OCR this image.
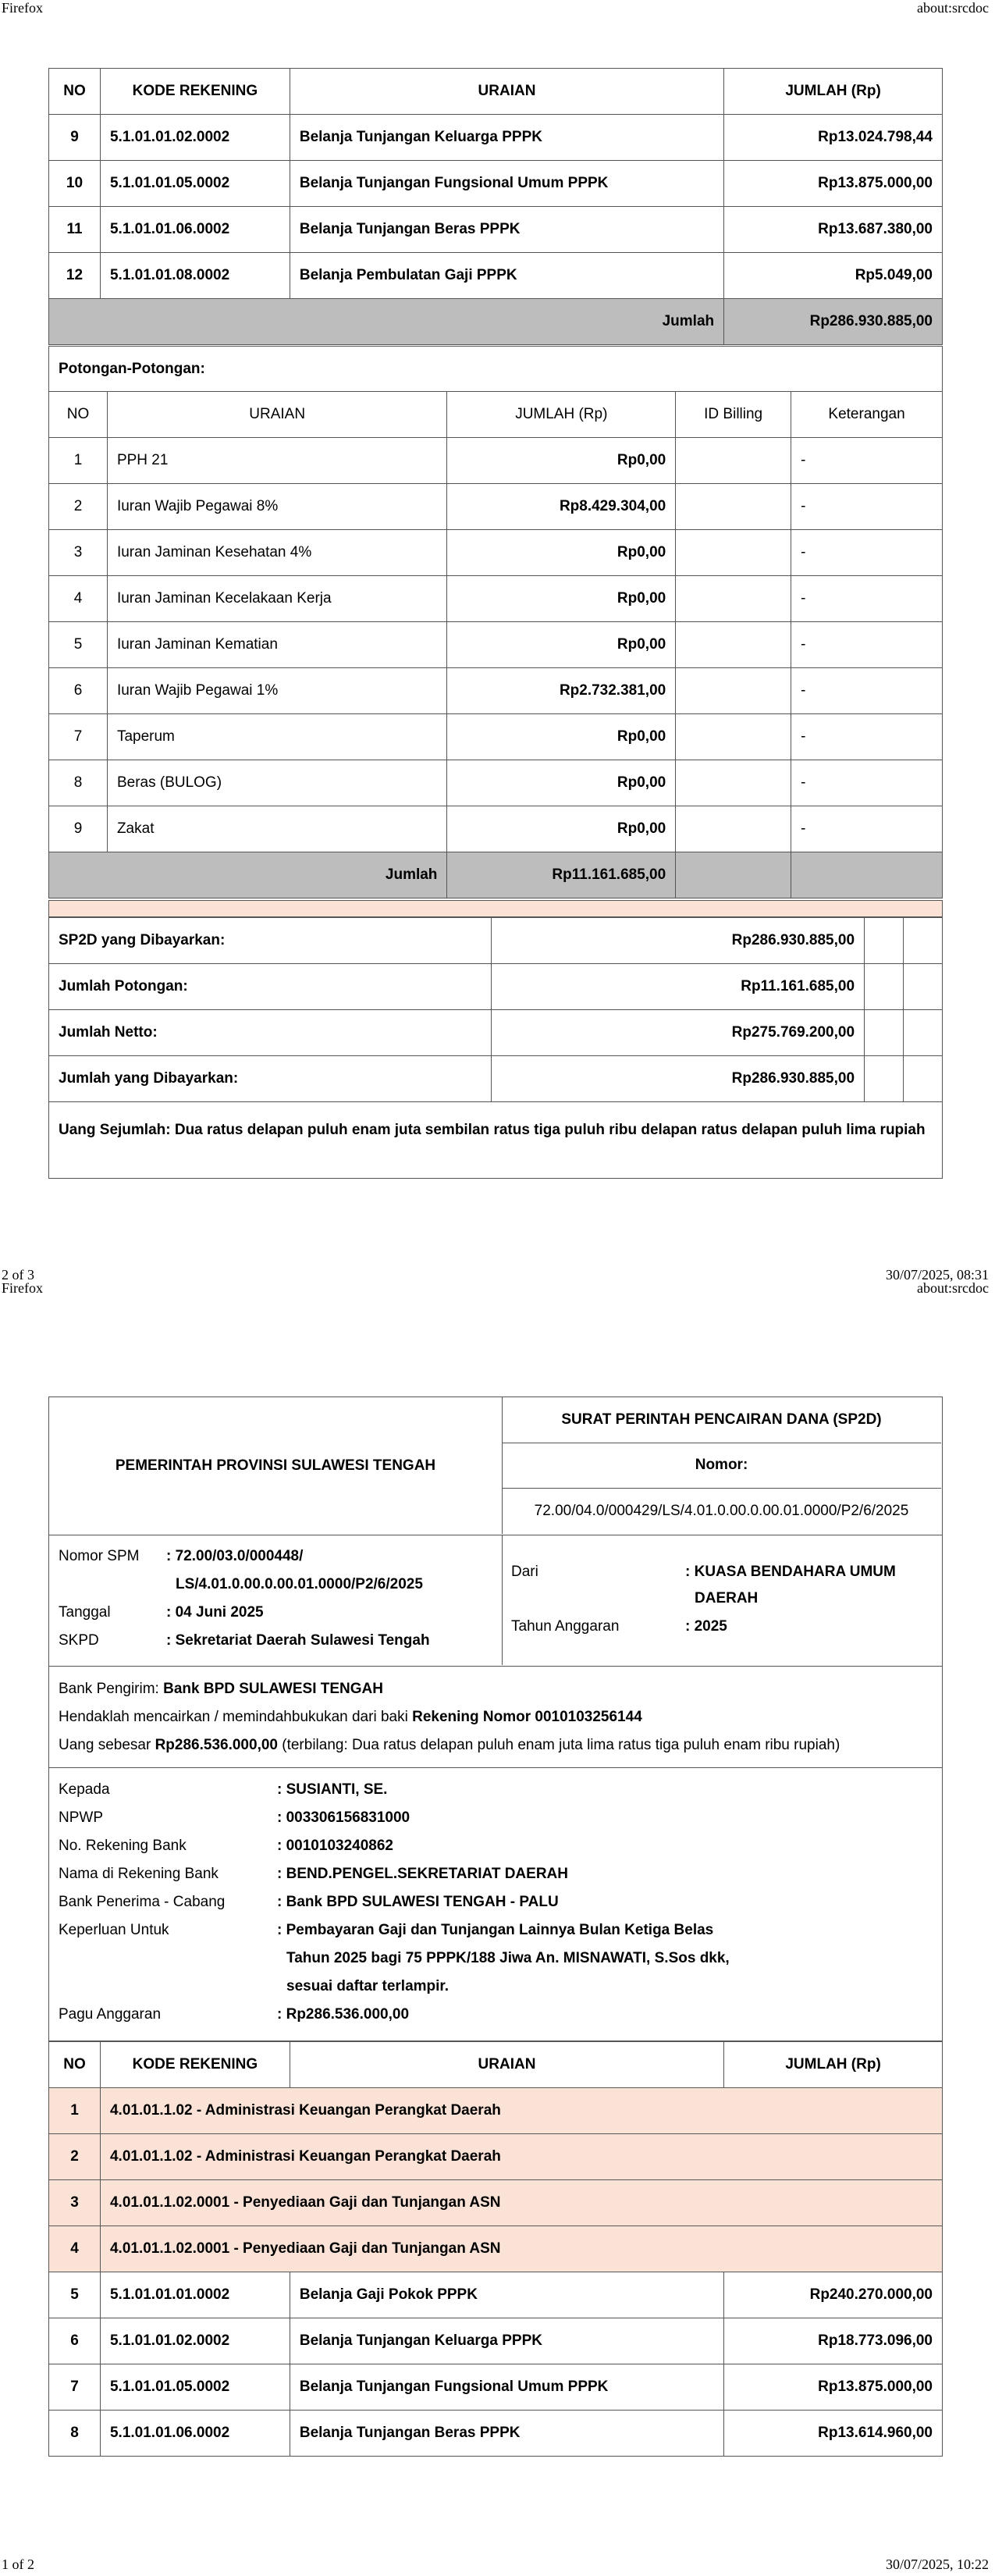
Firefox	about:srcdoc
NO	KODE REKENING	URAIAN	JUMLAH (Rp)
9	5.1.01.01.02.0002	Belanja Tunjangan Keluarga PPPK	Rp13.024.798,44
10	5.1.01.01.05.0002	Belanja Tunjangan Fungsional Umum PPPK	Rp13.875.000,00
11	5.1.01.01.06.0002	Belanja Tunjangan Beras PPPK	Rp13.687.380,00
12	5.1.01.01.08.0002	Belanja Pembulatan Gaji PPPK	Rp5.049,00
Jumlah			Rp286.930.885,00
Potongan-Potongan:
NO	URAIAN	JUMLAH (Rp)	ID Billing	Keterangan
1	PPH 21	Rp0,00		-
2	Iuran Wajib Pegawai 8%	Rp8.429.304,00		-
3	Iuran Jaminan Kesehatan 4%	Rp0,00		-
4	Iuran Jaminan Kecelakaan Kerja	Rp0,00		-
5	Iuran Jaminan Kematian	Rp0,00		-
6	Iuran Wajib Pegawai 1%	Rp2.732.381,00		-
7	Taperum	Rp0,00		-
8	Beras (BULOG)	Rp0,00		-
9	Zakat	Rp0,00		-
Jumlah		Rp11.161.685,00		
SP2D yang Dibayarkan:	Rp286.930.885,00		
Jumlah Potongan:	Rp11.161.685,00		
Jumlah Netto:	Rp275.769.200,00		
Jumlah yang Dibayarkan:	Rp286.930.885,00		
Uang Sejumlah: Dua ratus delapan puluh enam juta sembilan ratus tiga puluh ribu delapan ratus delapan puluh lima rupiah
2 of 3	30/07/2025, 08:31
Firefox	about:srcdoc
PEMERINTAH PROVINSI SULAWESI TENGAH
SURAT PERINTAH PENCAIRAN DANA (SP2D)
Nomor:
72.00/04.0/000429/LS/4.01.0.00.0.00.01.0000/P2/6/2025
Nomor SPM : 72.00/03.0/000448/
LS/4.01.0.00.0.00.01.0000/P2/6/2025
Tanggal	: 04 Juni 2025
SKPD	: Sekretariat Daerah Sulawesi Tengah
Dari	: KUASA BENDAHARA UMUM
DAERAH
Tahun Anggaran	: 2025
Bank Pengirim: Bank BPD SULAWESI TENGAH
Hendaklah mencairkan / memindahbukukan dari baki Rekening Nomor 0010103256144
Uang sebesar Rp286.536.000,00 (terbilang: Dua ratus delapan puluh enam juta lima ratus tiga puluh enam ribu rupiah)
Kepada	: SUSIANTI, SE.
NPWP	: 003306156831000
No. Rekening Bank	: 0010103240862
Nama di Rekening Bank	: BEND.PENGEL.SEKRETARIAT DAERAH
Bank Penerima - Cabang	: Bank BPD SULAWESI TENGAH - PALU
Keperluan Untuk	: Pembayaran Gaji dan Tunjangan Lainnya Bulan Ketiga Belas
Tahun 2025 bagi 75 PPPK/188 Jiwa An. MISNAWATI, S.Sos dkk,
sesuai daftar terlampir.
Pagu Anggaran	: Rp286.536.000,00
NO	KODE REKENING	URAIAN	JUMLAH (Rp)
1	4.01.01.1.02 - Administrasi Keuangan Perangkat Daerah		
2	4.01.01.1.02 - Administrasi Keuangan Perangkat Daerah		
3	4.01.01.1.02.0001 - Penyediaan Gaji dan Tunjangan ASN		
4	4.01.01.1.02.0001 - Penyediaan Gaji dan Tunjangan ASN		
5	5.1.01.01.01.0002	Belanja Gaji Pokok PPPK	Rp240.270.000,00
6	5.1.01.01.02.0002	Belanja Tunjangan Keluarga PPPK	Rp18.773.096,00
7	5.1.01.01.05.0002	Belanja Tunjangan Fungsional Umum PPPK	Rp13.875.000,00
8	5.1.01.01.06.0002	Belanja Tunjangan Beras PPPK	Rp13.614.960,00
1 of 2	30/07/2025, 10:22
